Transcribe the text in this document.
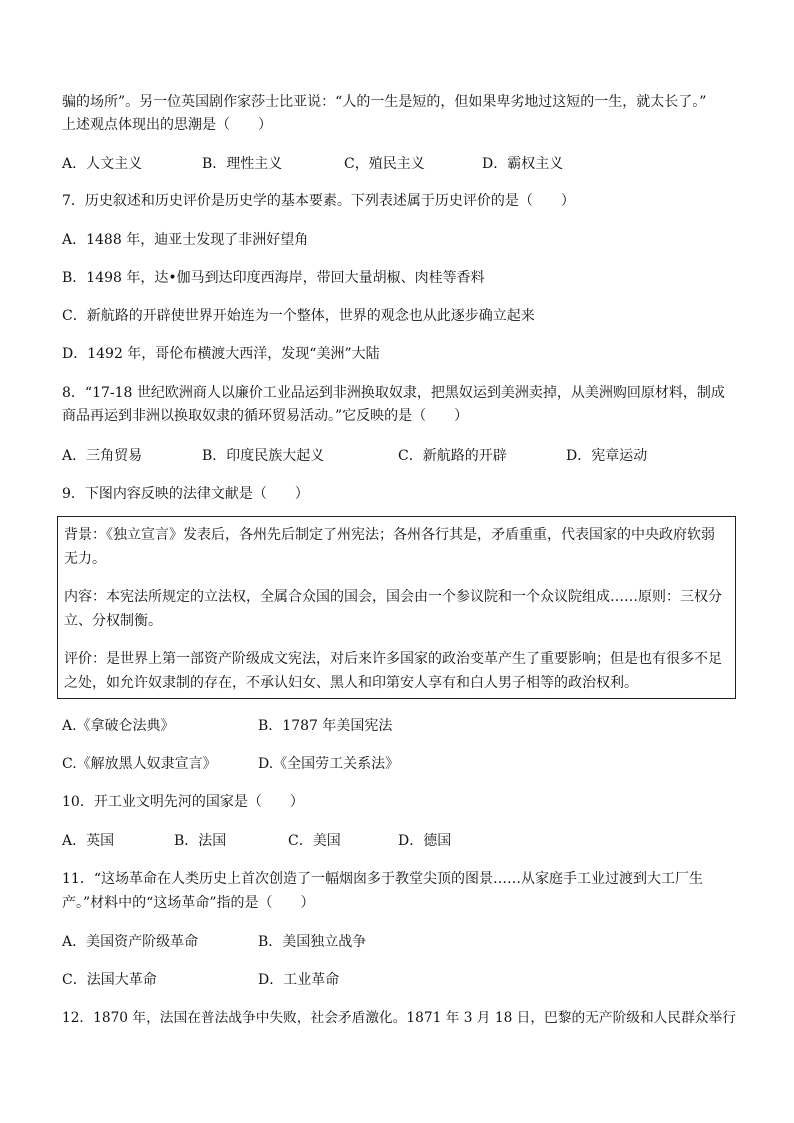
骗的场所”。另一位英国剧作家莎士比亚说：“人的一生是短的，但如果卑劣地过这短的一生，就太长了。”
上述观点体现出的思潮是（　　）
A．人文主义	B．理性主义	C，殖民主义	D．霸权主义
7．历史叙述和历史评价是历史学的基本要素。下列表述属于历史评价的是（　　）
A．1488 年，迪亚士发现了非洲好望角
B．1498 年，达•伽马到达印度西海岸，带回大量胡椒、肉桂等香料
C．新航路的开辟使世界开始连为一个整体，世界的观念也从此逐步确立起来
D．1492 年，哥伦布横渡大西洋，发现“美洲”大陆
8．“17-18 世纪欧洲商人以廉价工业品运到非洲换取奴隶，把黑奴运到美洲卖掉，从美洲购回原材料，制成
商品再运到非洲以换取奴隶的循环贸易活动。”它反映的是（　　）
A．三角贸易	B．印度民族大起义	C．新航路的开辟	D．宪章运动
9．下图内容反映的法律文献是（　　）
背景：《独立宣言》发表后，各州先后制定了州宪法；各州各行其是，矛盾重重，代表国家的中央政府软弱
无力。
内容：本宪法所规定的立法权，全属合众国的国会，国会由一个参议院和一个众议院组成……原则：三权分
立、分权制衡。
评价：是世界上第一部资产阶级成文宪法，对后来许多国家的政治变革产生了重要影响；但是也有很多不足
之处，如允许奴隶制的存在，不承认妇女、黑人和印第安人享有和白人男子相等的政治权利。
A.《拿破仑法典》	B．1787 年美国宪法
C.《解放黑人奴隶宣言》	D.《全国劳工关系法》
10．开工业文明先河的国家是（　　）
A．英国	B．法国	C．美国	D．德国
11．“这场革命在人类历史上首次创造了一幅烟囱多于教堂尖顶的图景……从家庭手工业过渡到大工厂生
产。”材料中的“这场革命”指的是（　　）
A．美国资产阶级革命	B．美国独立战争
C．法国大革命	D．工业革命
12．1870 年，法国在普法战争中失败，社会矛盾激化。1871 年 3 月 18 日，巴黎的无产阶级和人民群众举行
